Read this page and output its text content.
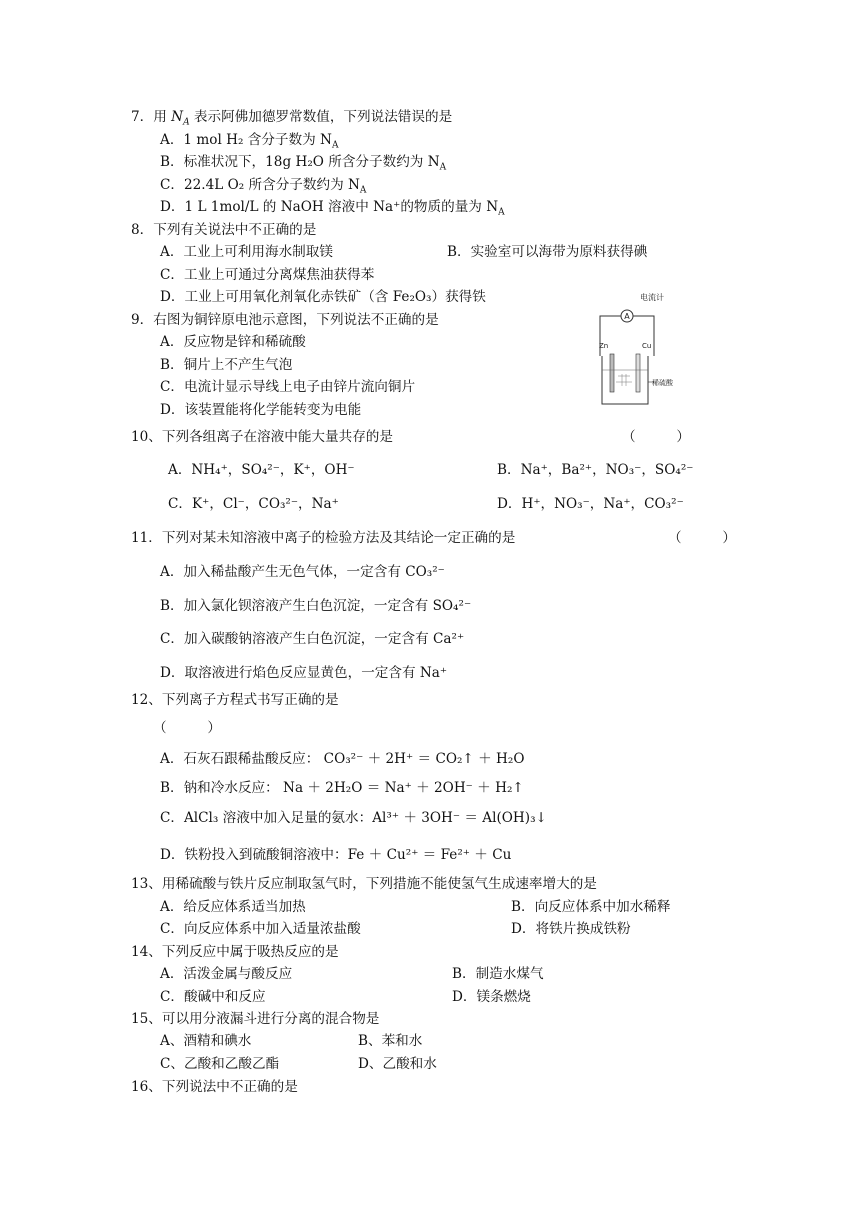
7．用 $N_A$ 表示阿佛加德罗常数值，下列说法错误的是
A．1 mol H₂ 含分子数为 $N_A$
B．标准状况下，18g H₂O 所含分子数约为 $N_A$
C．22.4L O₂ 所含分子数约为 $N_A$
D．1 L 1mol/L 的 NaOH 溶液中 Na⁺的物质的量为 $N_A$
8．下列有关说法中不正确的是
A．工业上可利用海水制取镁	B．实验室可以海带为原料获得碘
C．工业上可通过分离煤焦油获得苯
D．工业上可用氧化剂氧化赤铁矿（含 Fe₂O₃）获得铁
9．右图为铜锌原电池示意图，下列说法不正确的是
A．反应物是锌和稀硫酸
B．铜片上不产生气泡
C．电流计显示导线上电子由锌片流向铜片
D．该装置能将化学能转变为电能
电流计
A
Zn	Cu
稀硫酸
10、下列各组离子在溶液中能大量共存的是	（　　　）
A．NH₄⁺，SO₄²⁻，K⁺，OH⁻	B．Na⁺，Ba²⁺，NO₃⁻，SO₄²⁻
C．K⁺，Cl⁻，CO₃²⁻，Na⁺	D．H⁺，NO₃⁻，Na⁺，CO₃²⁻
11．下列对某未知溶液中离子的检验方法及其结论一定正确的是	（　　　）
A．加入稀盐酸产生无色气体，一定含有 CO₃²⁻
B．加入氯化钡溶液产生白色沉淀，一定含有 SO₄²⁻
C．加入碳酸钠溶液产生白色沉淀，一定含有 Ca²⁺
D．取溶液进行焰色反应显黄色，一定含有 Na⁺
12、下列离子方程式书写正确的是
（　　　）
A．石灰石跟稀盐酸反应： CO₃²⁻ ＋ 2H⁺ ＝ CO₂↑ ＋ H₂O
B．钠和冷水反应： Na ＋ 2H₂O ＝ Na⁺ ＋ 2OH⁻ ＋ H₂↑
C．AlCl₃ 溶液中加入足量的氨水：Al³⁺ ＋ 3OH⁻ ＝ Al(OH)₃↓
D．铁粉投入到硫酸铜溶液中：Fe ＋ Cu²⁺ ＝ Fe²⁺ ＋ Cu
13、用稀硫酸与铁片反应制取氢气时，下列措施不能使氢气生成速率增大的是
A．给反应体系适当加热	B．向反应体系中加水稀释
C．向反应体系中加入适量浓盐酸	D．将铁片换成铁粉
14、下列反应中属于吸热反应的是
A．活泼金属与酸反应	B．制造水煤气
C．酸碱中和反应	D．镁条燃烧
15、可以用分液漏斗进行分离的混合物是
A、酒精和碘水	B、苯和水
C、乙酸和乙酸乙酯	D、乙酸和水
16、下列说法中不正确的是
